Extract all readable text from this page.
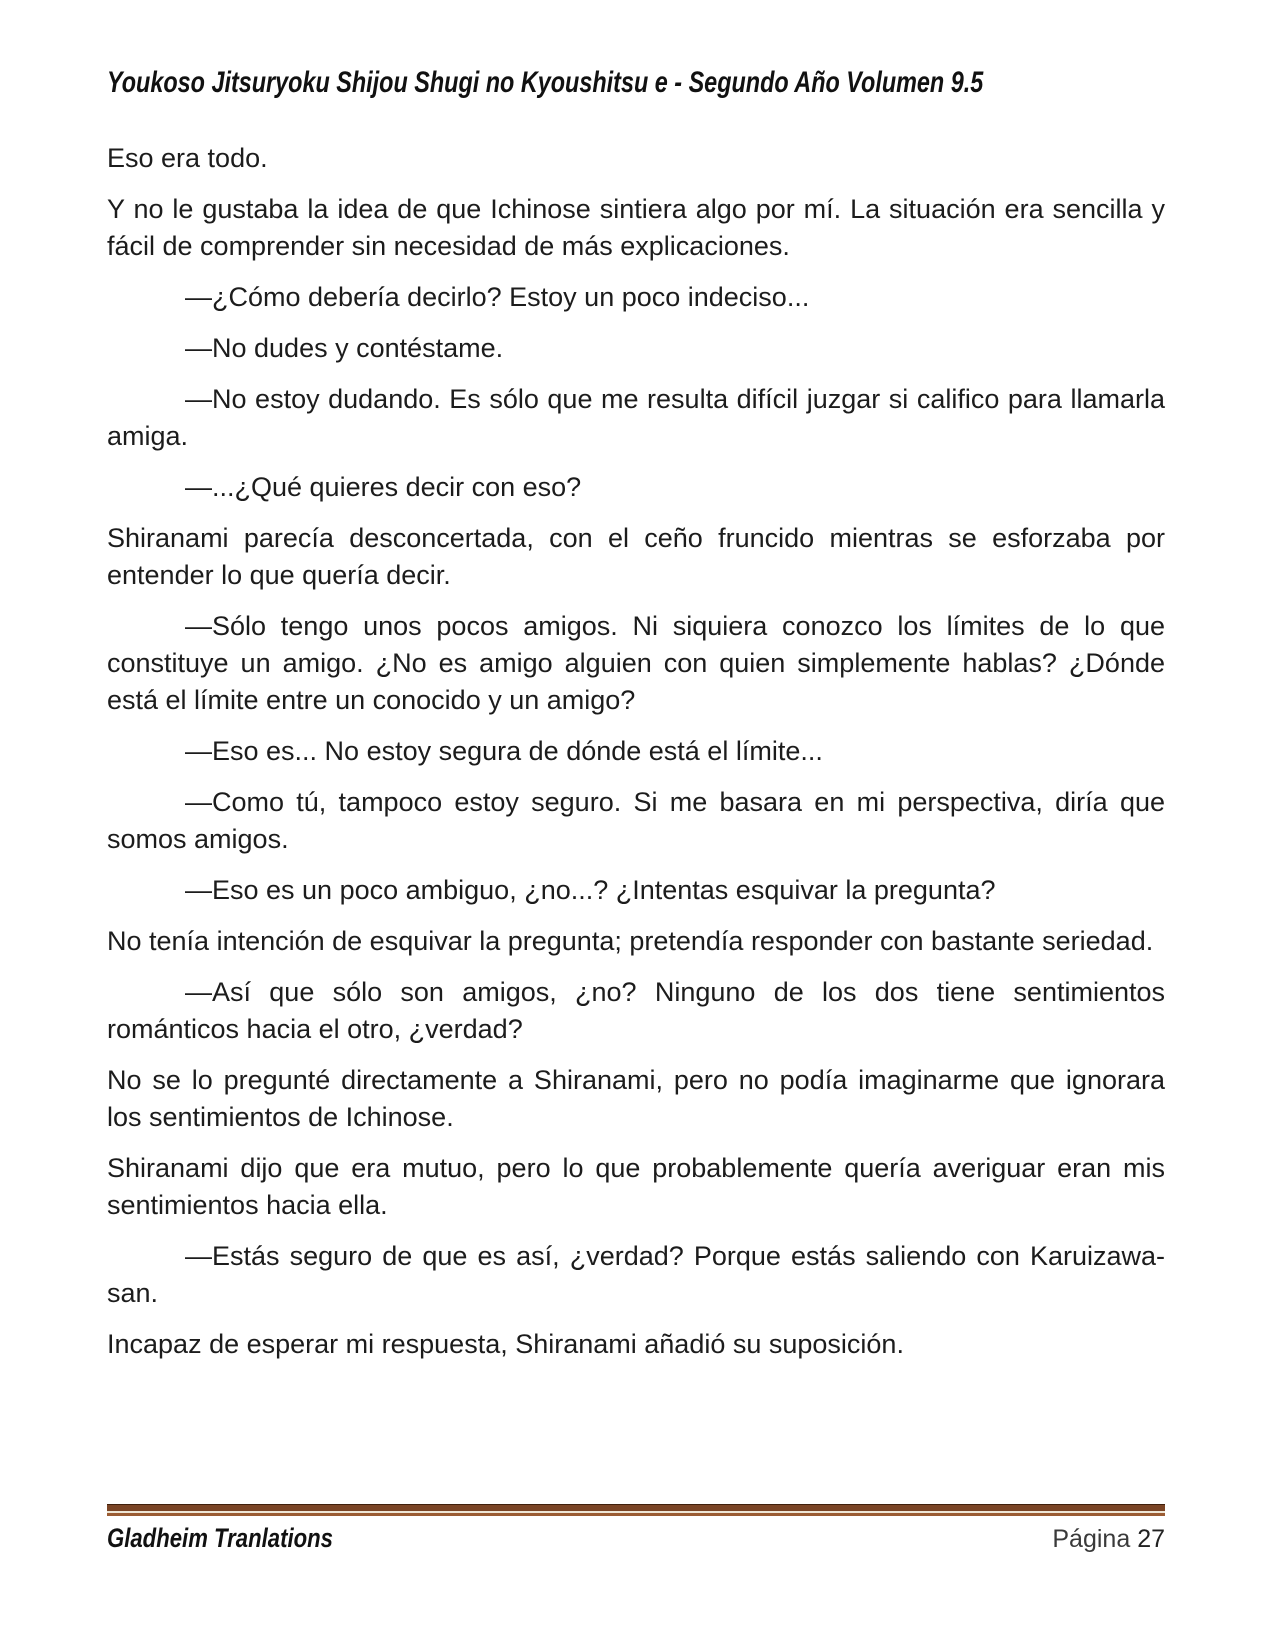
Youkoso Jitsuryoku Shijou Shugi no Kyoushitsu e - Segundo Año Volumen 9.5

Eso era todo.

Y no le gustaba la idea de que Ichinose sintiera algo por mí. La situación era sencilla y fácil de comprender sin necesidad de más explicaciones.

—¿Cómo debería decirlo? Estoy un poco indeciso...

—No dudes y contéstame.

—No estoy dudando. Es sólo que me resulta difícil juzgar si califico para llamarla amiga.

—...¿Qué quieres decir con eso?

Shiranami parecía desconcertada, con el ceño fruncido mientras se esforzaba por entender lo que quería decir.

—Sólo tengo unos pocos amigos. Ni siquiera conozco los límites de lo que constituye un amigo. ¿No es amigo alguien con quien simplemente hablas? ¿Dónde está el límite entre un conocido y un amigo?

—Eso es... No estoy segura de dónde está el límite...

—Como tú, tampoco estoy seguro. Si me basara en mi perspectiva, diría que somos amigos.

—Eso es un poco ambiguo, ¿no...? ¿Intentas esquivar la pregunta?

No tenía intención de esquivar la pregunta; pretendía responder con bastante seriedad.

—Así que sólo son amigos, ¿no? Ninguno de los dos tiene sentimientos románticos hacia el otro, ¿verdad?

No se lo pregunté directamente a Shiranami, pero no podía imaginarme que ignorara los sentimientos de Ichinose.

Shiranami dijo que era mutuo, pero lo que probablemente quería averiguar eran mis sentimientos hacia ella.

—Estás seguro de que es así, ¿verdad? Porque estás saliendo con Karuizawa-san.

Incapaz de esperar mi respuesta, Shiranami añadió su suposición.

Gladheim Tranlations	Página 27
